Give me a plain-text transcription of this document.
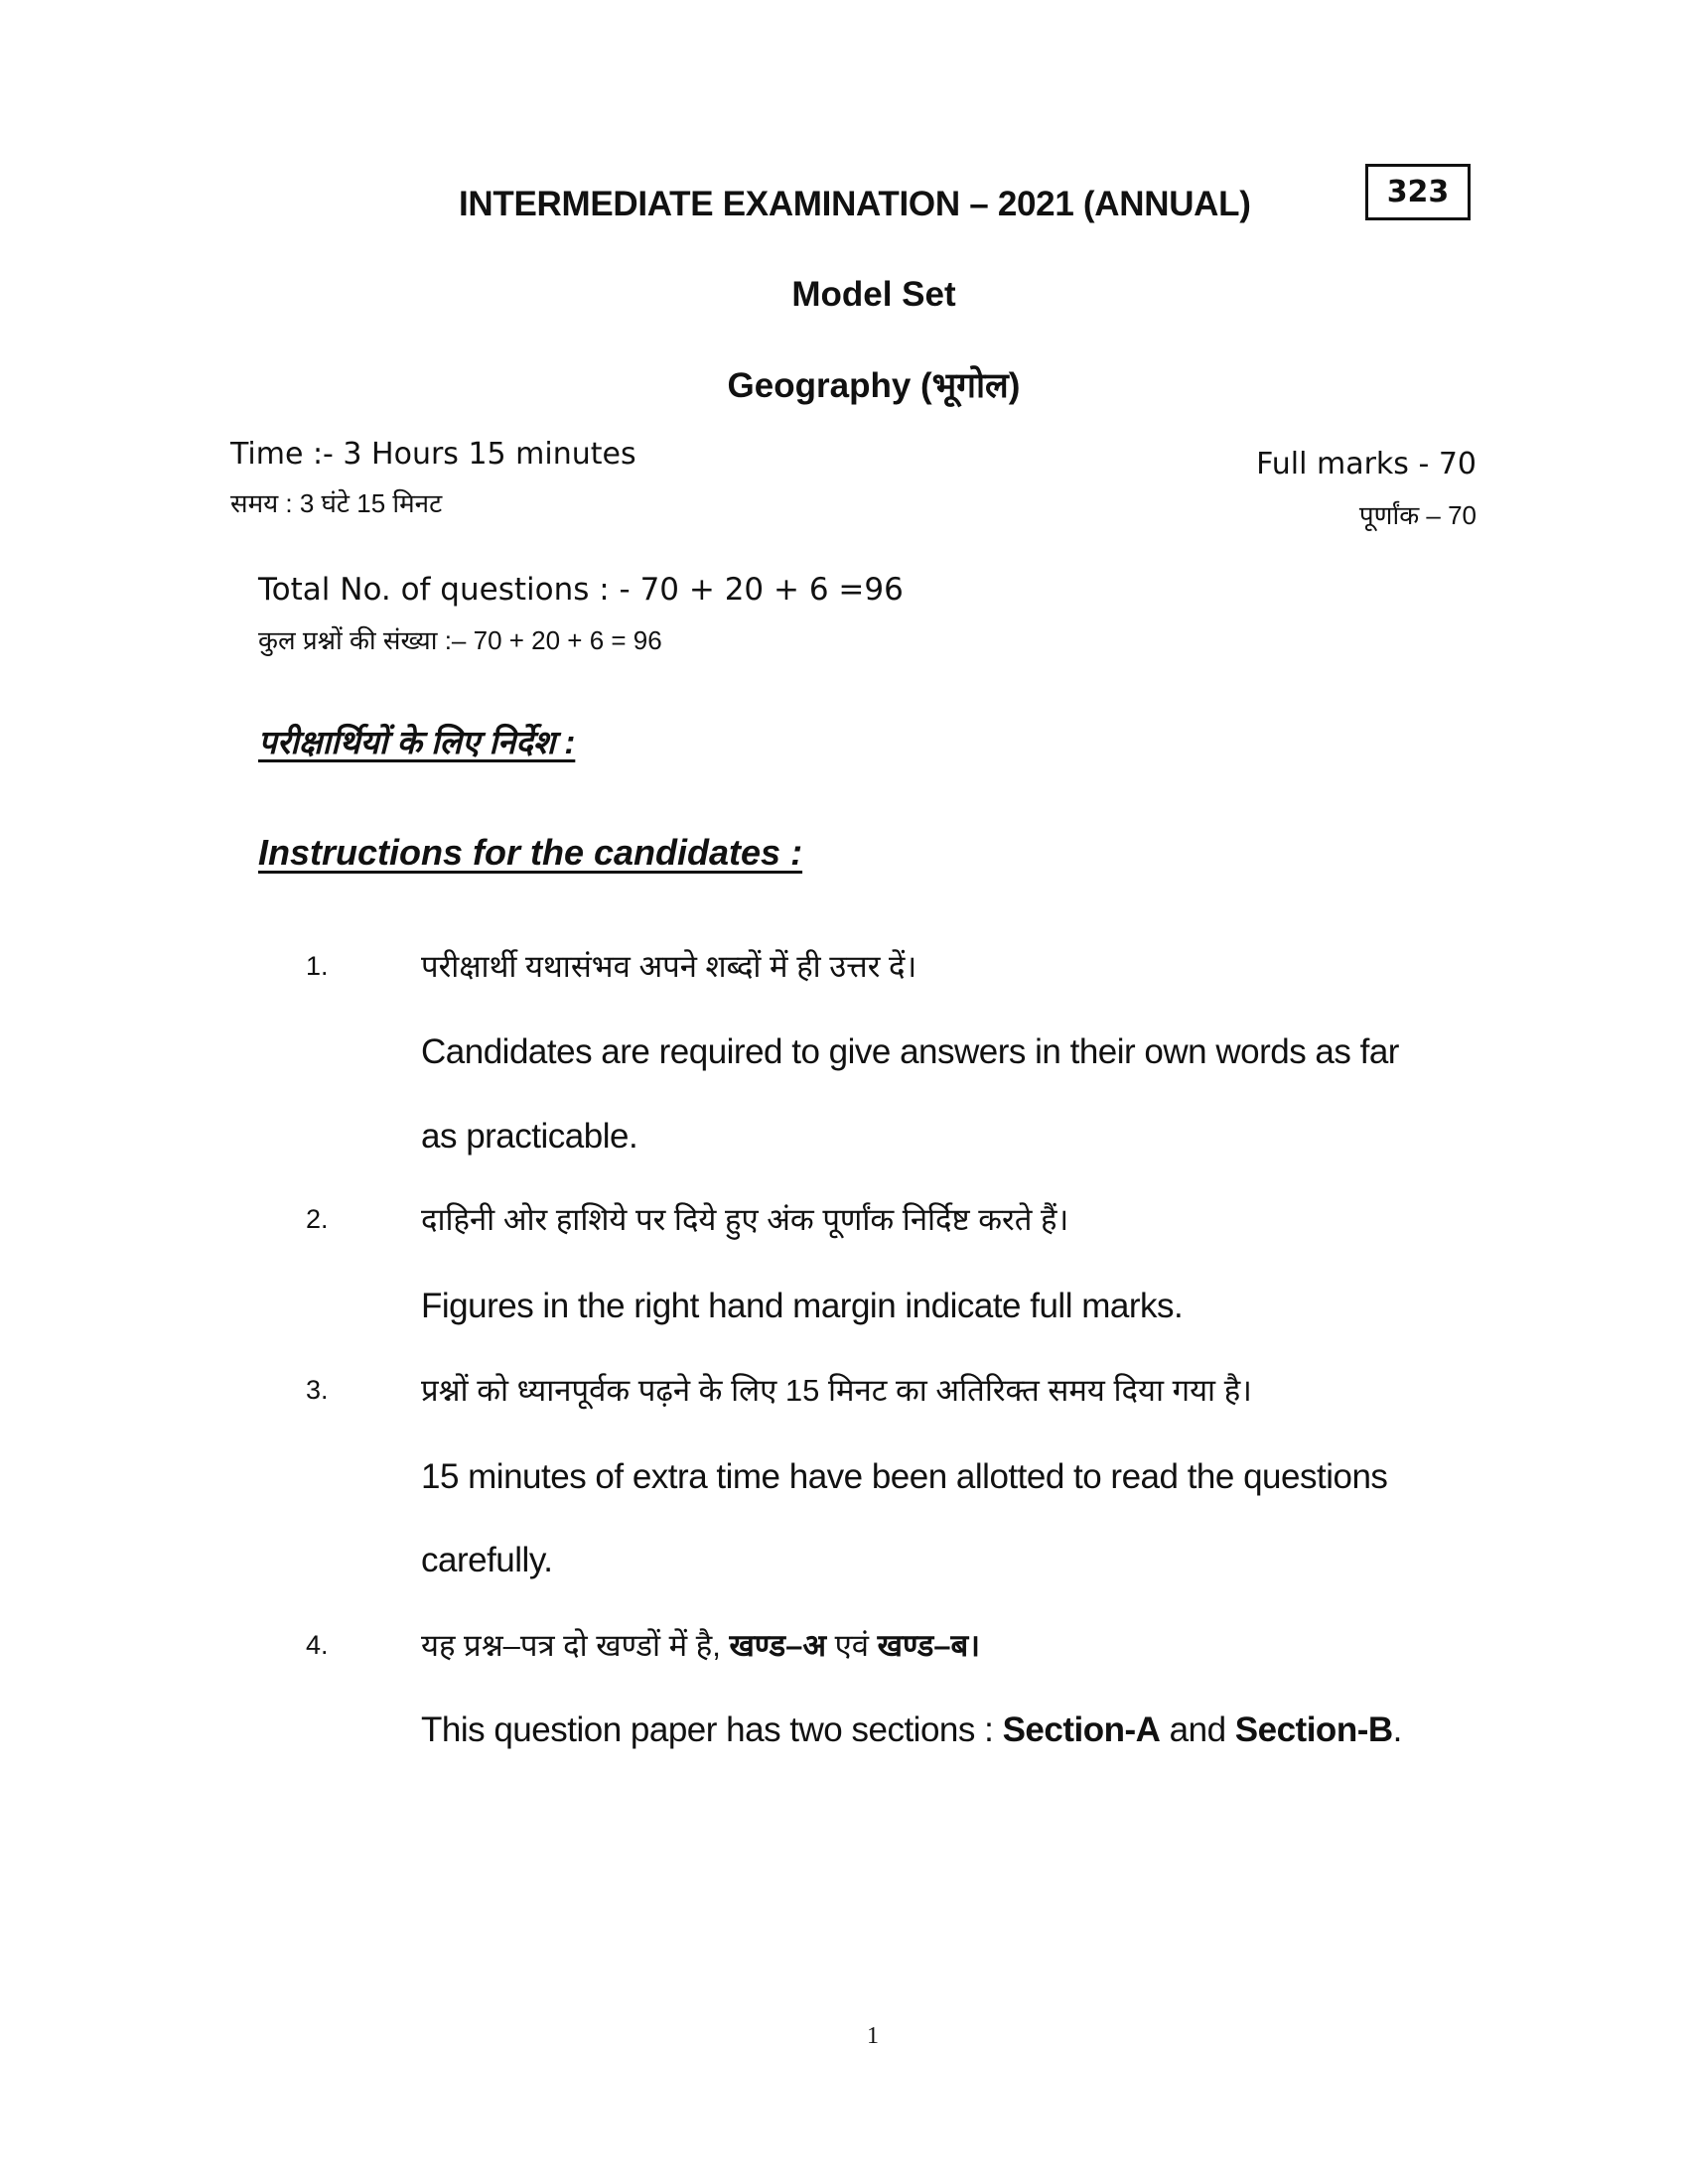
INTERMEDIATE EXAMINATION – 2021 (ANNUAL)	323
Model Set
Geography (भूगोल)
Time :- 3 Hours 15 minutes
समय : 3 घंटे 15 मिनट
Full marks - 70
पूर्णांक – 70
Total No. of questions : - 70 + 20 + 6 =96
कुल प्रश्नों की संख्या :– 70 + 20 + 6 = 96
परीक्षार्थियों के लिए निर्देश :
Instructions for the candidates :
1.	परीक्षार्थी यथासंभव अपने शब्दों में ही उत्तर दें।
Candidates are required to give answers in their own words as far
as practicable.
2.	दाहिनी ओर हाशिये पर दिये हुए अंक पूर्णांक निर्दिष्ट करते हैं।
Figures in the right hand margin indicate full marks.
3.	प्रश्नों को ध्यानपूर्वक पढ़ने के लिए 15 मिनट का अतिरिक्त समय दिया गया है।
15 minutes of extra time have been allotted to read the questions
carefully.
4.	यह प्रश्न–पत्र दो खण्डों में है, खण्ड–अ एवं खण्ड–ब।
This question paper has two sections : Section-A and Section-B.
1
